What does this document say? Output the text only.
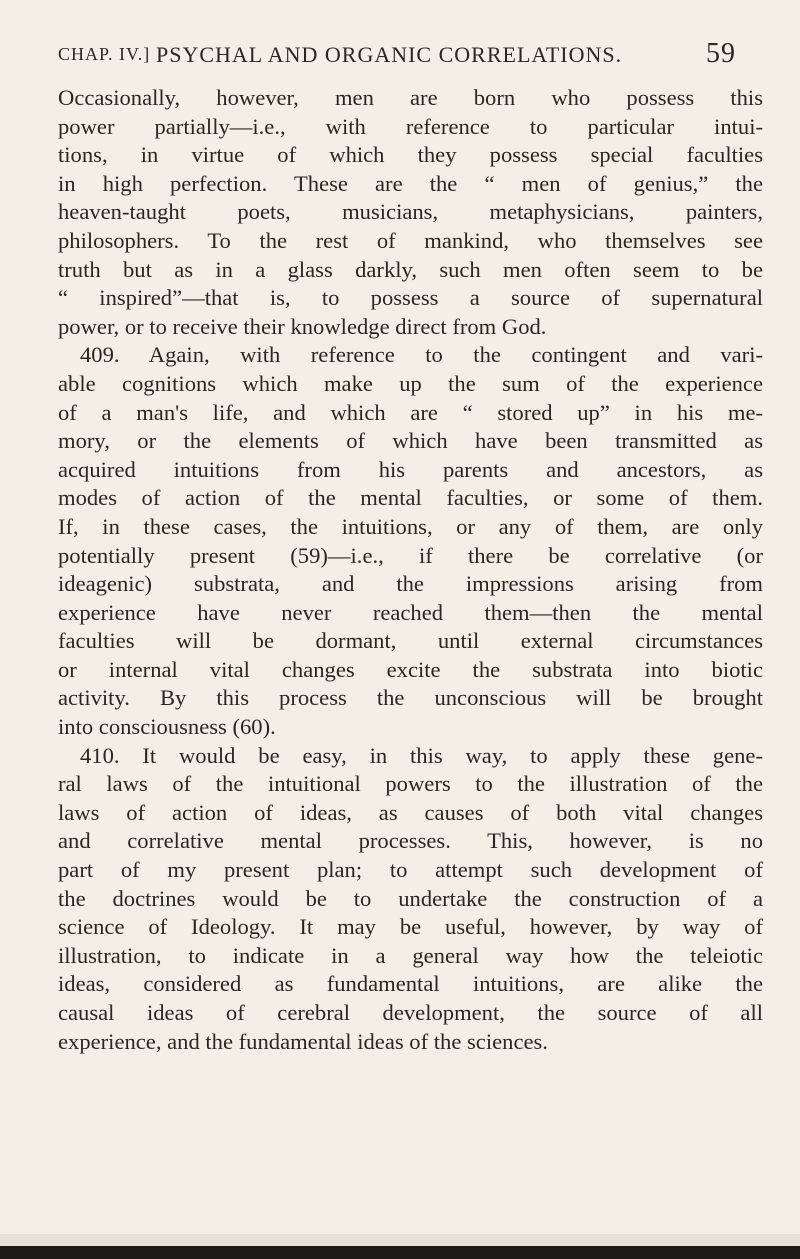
CHAP. IV.] PSYCHAL AND ORGANIC CORRELATIONS.	59
Occasionally, however, men are born who possess this
power partially—i.e., with reference to particular intui-
tions, in virtue of which they possess special faculties
in high perfection. These are the “ men of genius,” the
heaven-taught poets, musicians, metaphysicians, painters,
philosophers. To the rest of mankind, who themselves see
truth but as in a glass darkly, such men often seem to be
“ inspired”—that is, to possess a source of supernatural
power, or to receive their knowledge direct from God.
409. Again, with reference to the contingent and vari-
able cognitions which make up the sum of the experience
of a man's life, and which are “ stored up” in his me-
mory, or the elements of which have been transmitted as
acquired intuitions from his parents and ancestors, as
modes of action of the mental faculties, or some of them.
If, in these cases, the intuitions, or any of them, are only
potentially present (59)—i.e., if there be correlative (or
ideagenic) substrata, and the impressions arising from
experience have never reached them—then the mental
faculties will be dormant, until external circumstances
or internal vital changes excite the substrata into biotic
activity. By this process the unconscious will be brought
into consciousness (60).
410. It would be easy, in this way, to apply these gene-
ral laws of the intuitional powers to the illustration of the
laws of action of ideas, as causes of both vital changes
and correlative mental processes. This, however, is no
part of my present plan; to attempt such development of
the doctrines would be to undertake the construction of a
science of Ideology. It may be useful, however, by way of
illustration, to indicate in a general way how the teleiotic
ideas, considered as fundamental intuitions, are alike the
causal ideas of cerebral development, the source of all
experience, and the fundamental ideas of the sciences.
